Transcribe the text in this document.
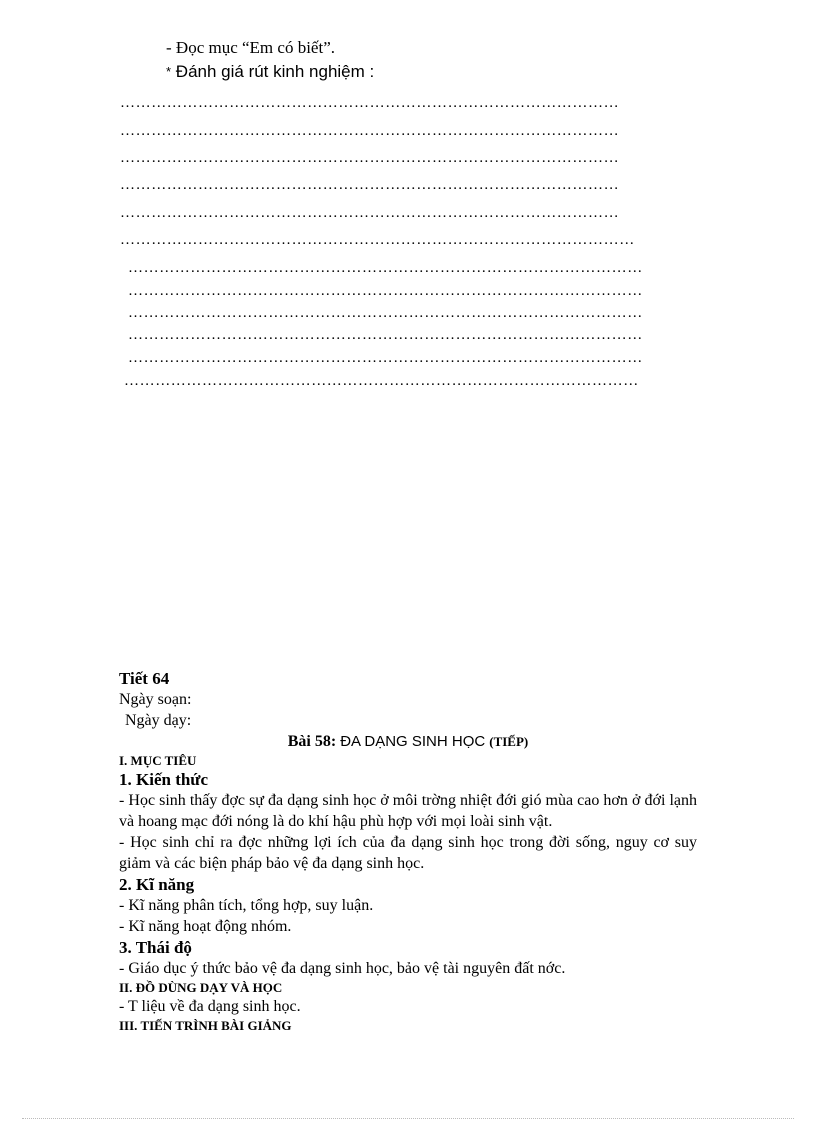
- Đọc mục “Em có biết”.
* Đánh giá rút kinh nghiệm :
……………………………………………………………………………………
……………………………………………………………………………………
……………………………………………………………………………………
……………………………………………………………………………………
……………………………………………………………………………………
………………………………………………………………………………………
………………………………………………………………………………………
………………………………………………………………………………………
………………………………………………………………………………………
………………………………………………………………………………………
………………………………………………………………………………………
………………………………………………………………………………………

Tiết 64

Ngày soạn:

Ngày dạy:

Bài 58: ĐA DẠNG SINH HỌC (TIẾP)

I. MỤC TIÊU

1. Kiến thức

- Học sinh thấy đợc sự đa dạng sinh học ở môi trờng nhiệt đới gió mùa cao hơn ở đới lạnh và hoang mạc đới nóng là do khí hậu phù hợp với mọi loài sinh vật.

- Học sinh chỉ ra đợc những lợi ích của đa dạng sinh học trong đời sống, nguy cơ suy giảm và các biện pháp bảo vệ đa dạng sinh học.

2. Kĩ năng

- Kĩ năng phân tích, tổng hợp, suy luận.

- Kĩ năng hoạt động nhóm.

3. Thái độ

- Giáo dục ý thức bảo vệ đa dạng sinh học, bảo vệ tài nguyên đất nớc.

II. ĐỒ DÙNG DẠY VÀ HỌC

- T liệu về đa dạng sinh học.

III. TIẾN TRÌNH BÀI GIẢNG
